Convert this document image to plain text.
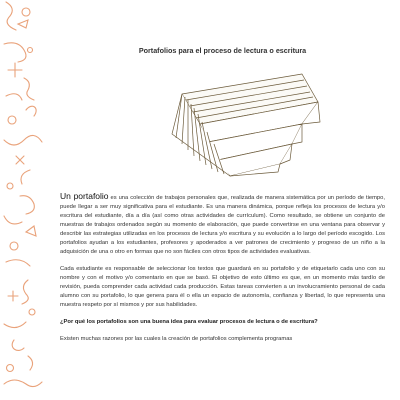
Portafolios para el proceso de lectura o escritura

Un portafolio es una colección de trabajos personales que, realizada de manera sistemática por un período de tiempo, puede llegar a ser muy significativa para el estudiante. Es una manera dinámica, porque refleja los procesos de lectura y/o escritura del estudiante, día a día (así como otras actividades de currículum). Como resultado, se obtiene un conjunto de muestras de trabajos ordenados según su momento de elaboración, que puede convertirse en una ventana para observar y describir las estrategias utilizadas en los procesos de lectura y/o escritura y su evolución a lo largo del período escogido. Los portafolios ayudan a los estudiantes, profesores y apoderados a ver patrones de crecimiento y progreso de un niño a la adquisición de una o otro en formas que no son fáciles con otros tipos de actividades evaluativas.

Cada estudiante es responsable de seleccionar los textos que guardará en su portafolio y de etiquetarlo cada uno con su nombre y con el motivo y/o comentario en que se basó. El objetivo de esto último es que, en un momento más tardío de revisión, pueda comprender cada actividad cada producción. Estas tareas convierten a un involucramiento personal de cada alumno con su portafolio, lo que genera para él o ella un espacio de autonomía, confianza y libertad, lo que representa una muestra respeto por sí mismos y por sus habilidades.

¿Por qué los portafolios son una buena idea para evaluar procesos de lectura o de escritura?

Existen muchas razones por las cuales la creación de portafolios complementa programas
